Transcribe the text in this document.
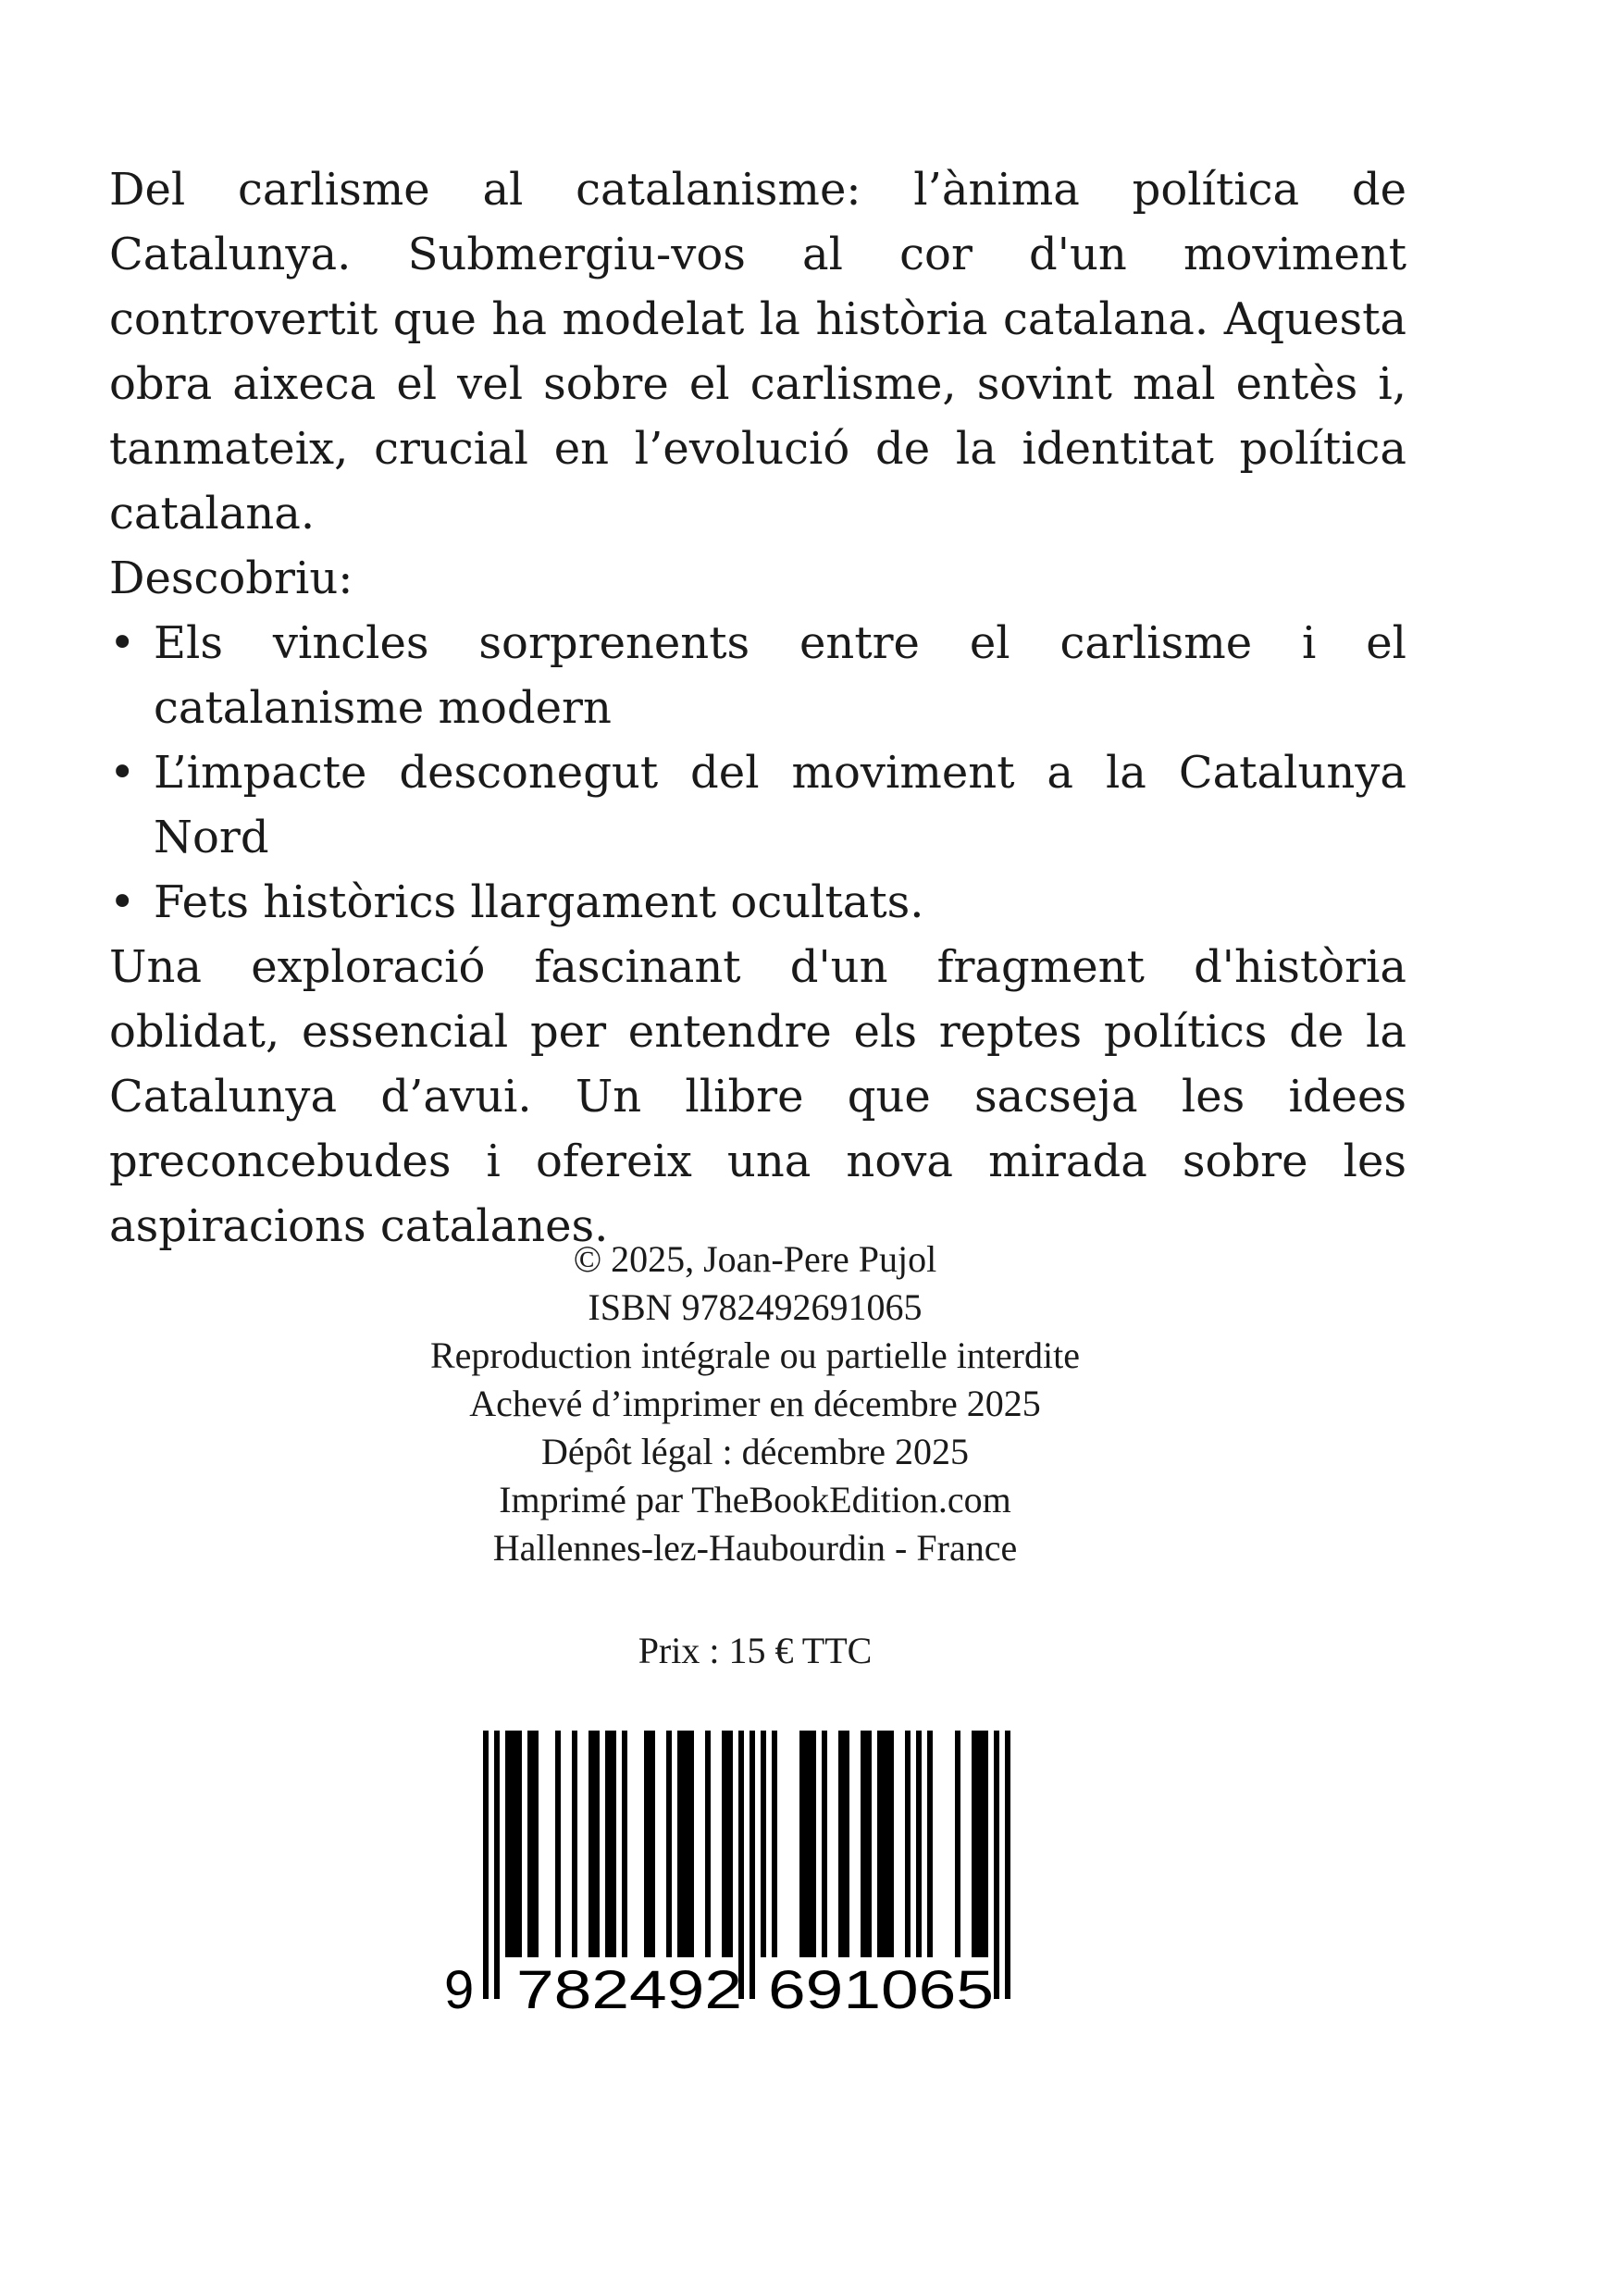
Del carlisme al catalanisme: l’ànima política de Catalunya. Submergiu-vos al cor d'un moviment controvertit que ha modelat la història catalana. Aquesta obra aixeca el vel sobre el carlisme, sovint mal entès i, tanmateix, crucial en l’evolució de la identitat política catalana.

Descobriu:

• Els vincles sorprenents entre el carlisme i el catalanisme modern
• L’impacte desconegut del moviment a la Catalunya Nord
• Fets històrics llargament ocultats.

Una exploració fascinant d'un fragment d'història oblidat, essencial per entendre els reptes polítics de la Catalunya d’avui. Un llibre que sacseja les idees preconcebudes i ofereix una nova mirada sobre les aspiracions catalanes.

© 2025, Joan-Pere Pujol
ISBN 9782492691065
Reproduction intégrale ou partielle interdite
Achevé d’imprimer en décembre 2025
Dépôt légal : décembre 2025
Imprimé par TheBookEdition.com
Hallennes-lez-Haubourdin - France
Prix : 15 € TTC
9 782492 691065
